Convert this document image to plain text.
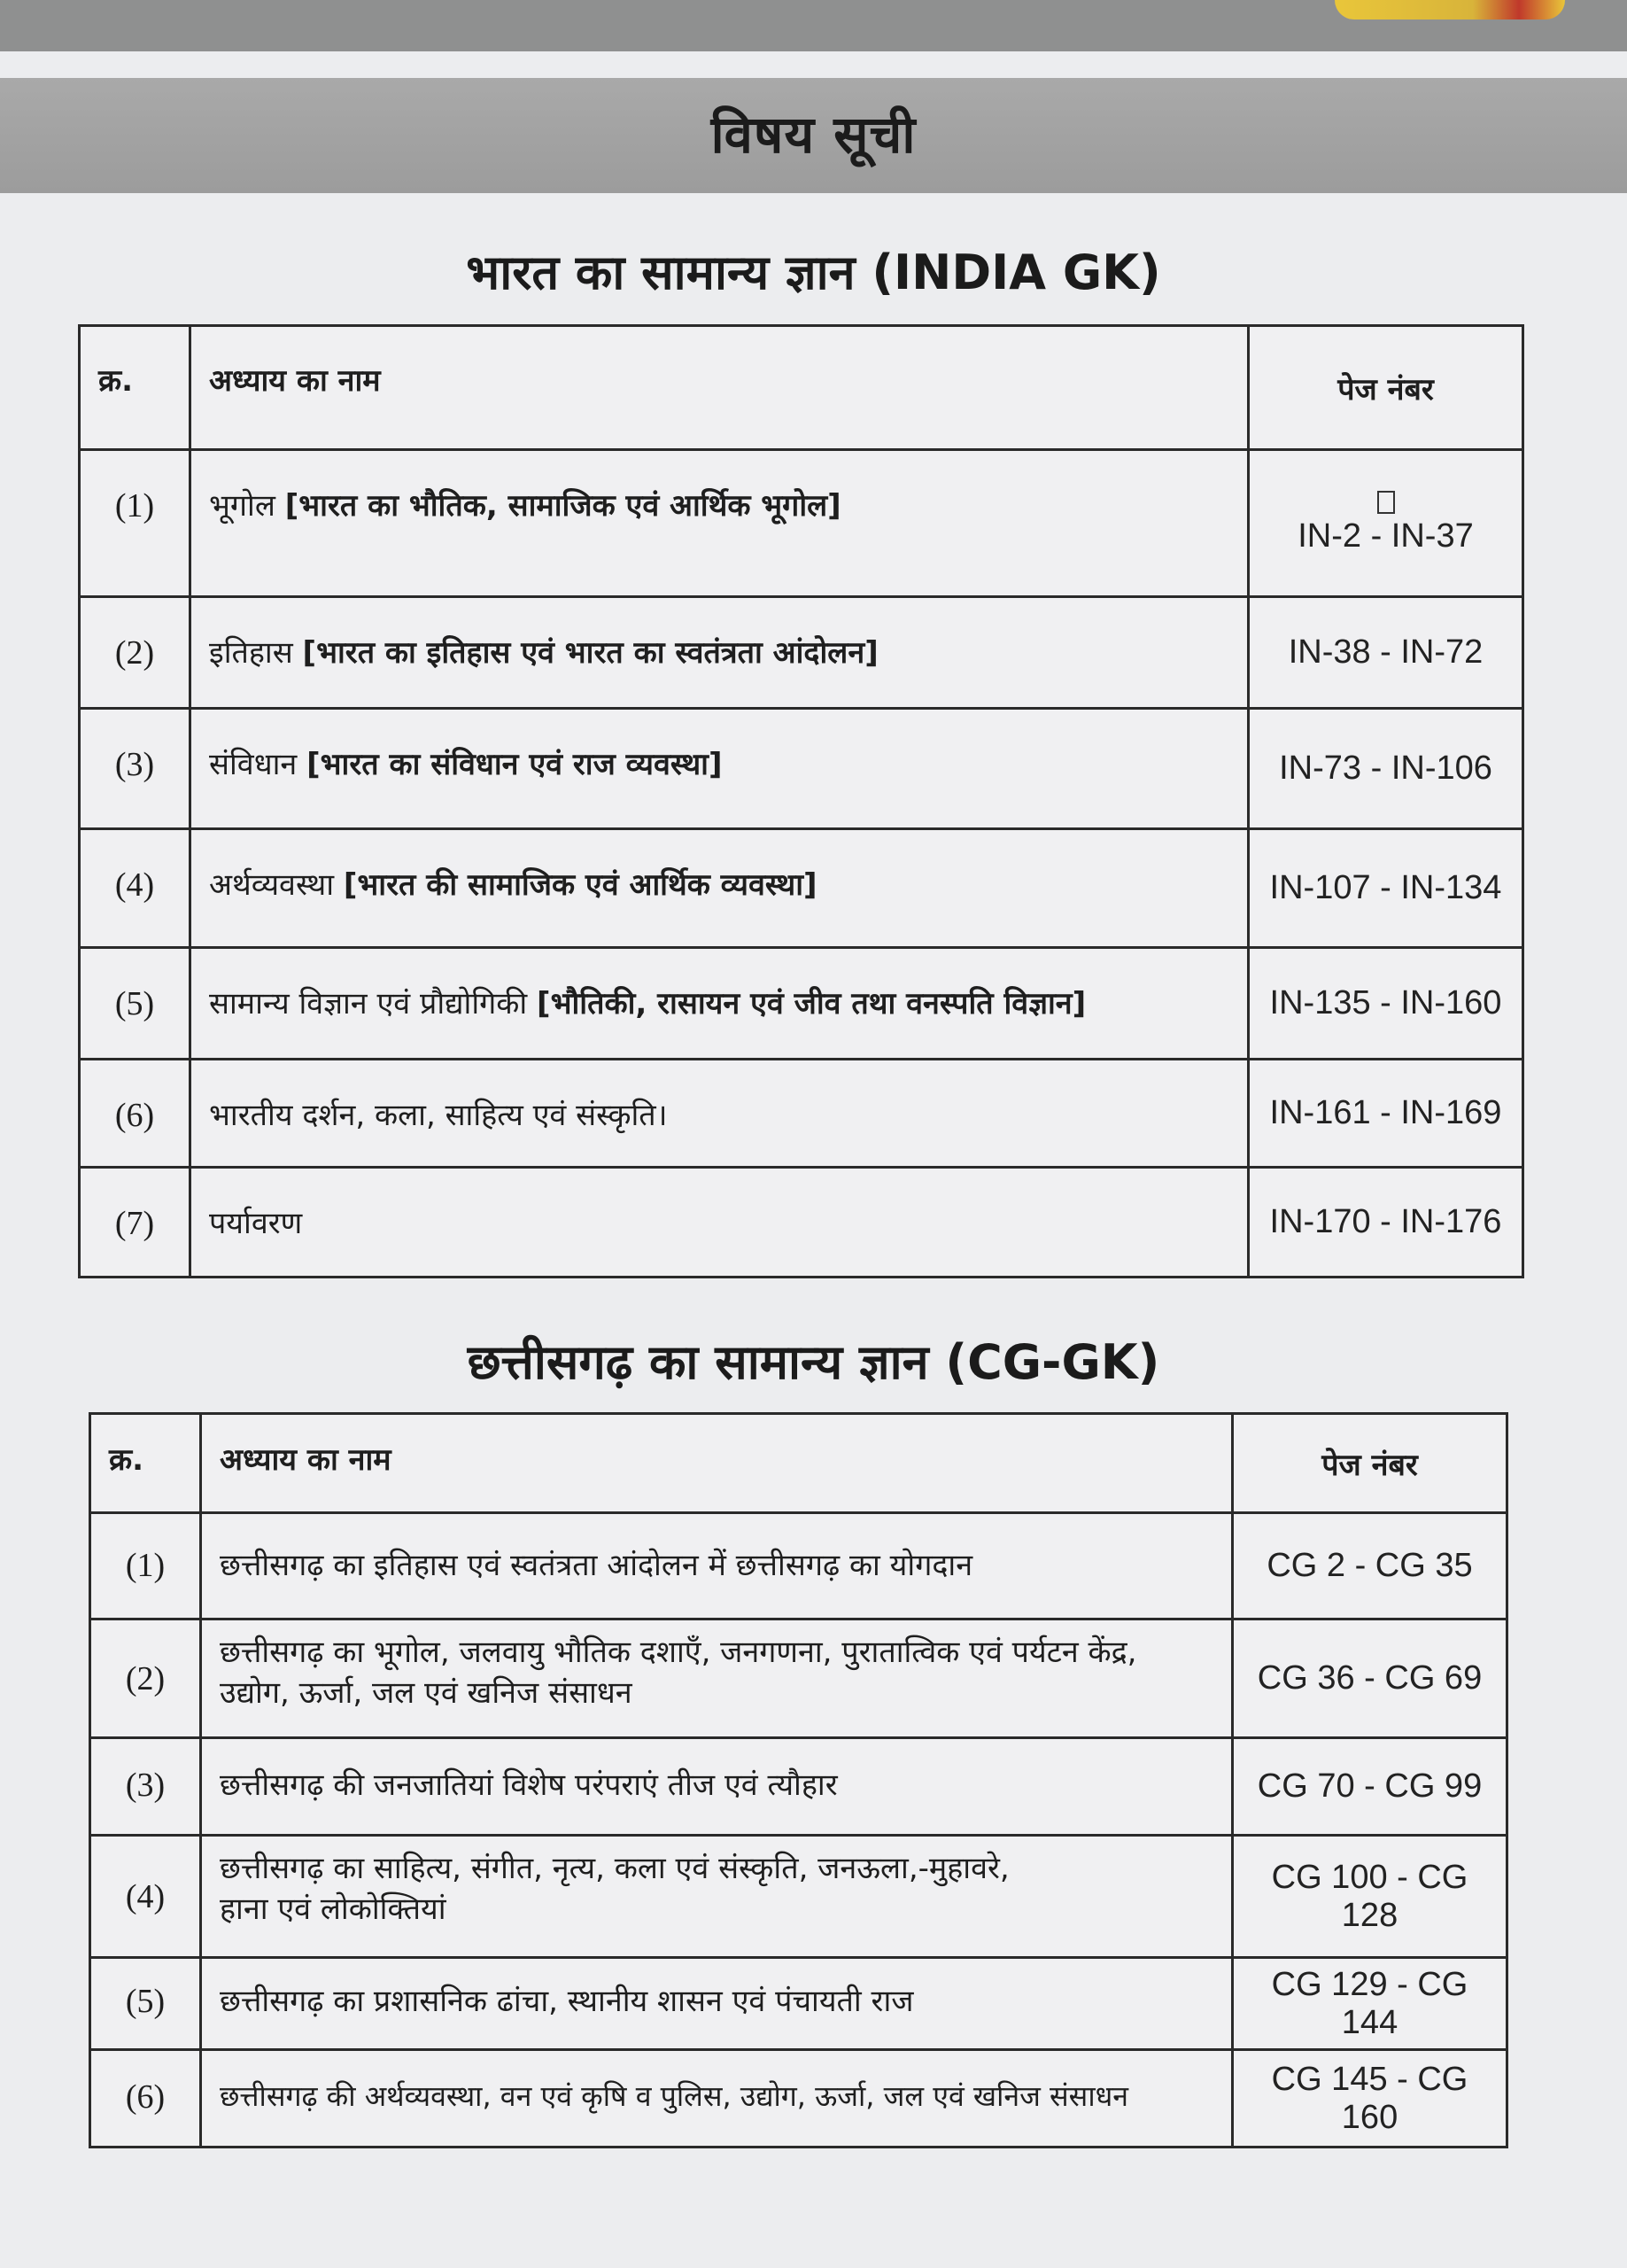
विषय सूची
भारत का सामान्य ज्ञान (INDIA GK)
क्र.	अध्याय का नाम	पेज नंबर
(1)	भूगोल [भारत का भौतिक, सामाजिक एवं आर्थिक भूगोल]	IN-2 - IN-37
(2)	इतिहास [भारत का इतिहास एवं भारत का स्वतंत्रता आंदोलन]	IN-38 - IN-72
(3)	संविधान [भारत का संविधान एवं राज व्यवस्था]	IN-73 - IN-106
(4)	अर्थव्यवस्था [भारत की सामाजिक एवं आर्थिक व्यवस्था]	IN-107 - IN-134
(5)	सामान्य विज्ञान एवं प्रौद्योगिकी [भौतिकी, रासायन एवं जीव तथा वनस्पति विज्ञान]	IN-135 - IN-160
(6)	भारतीय दर्शन, कला, साहित्य एवं संस्कृति।	IN-161 - IN-169
(7)	पर्यावरण	IN-170 - IN-176
छत्तीसगढ़ का सामान्य ज्ञान (CG-GK)
क्र.	अध्याय का नाम	पेज नंबर
(1)	छत्तीसगढ़ का इतिहास एवं स्वतंत्रता आंदोलन में छत्तीसगढ़ का योगदान	CG 2 - CG 35
(2)	छत्तीसगढ़ का भूगोल, जलवायु भौतिक दशाएँ, जनगणना, पुरातात्विक एवं पर्यटन केंद्र,
उद्योग, ऊर्जा, जल एवं खनिज संसाधन	CG 36 - CG 69
(3)	छत्तीसगढ़ की जनजातियां विशेष परंपराएं तीज एवं त्यौहार	CG 70 - CG 99
(4)	छत्तीसगढ़ का साहित्य, संगीत, नृत्य, कला एवं संस्कृति, जनऊला,-मुहावरे,
हाना एवं लोकोक्तियां	CG 100 - CG 128
(5)	छत्तीसगढ़ का प्रशासनिक ढांचा, स्थानीय शासन एवं पंचायती राज	CG 129 - CG 144
(6)	छत्तीसगढ़ की अर्थव्यवस्था, वन एवं कृषि व पुलिस, उद्योग, ऊर्जा, जल एवं खनिज संसाधन	CG 145 - CG 160
